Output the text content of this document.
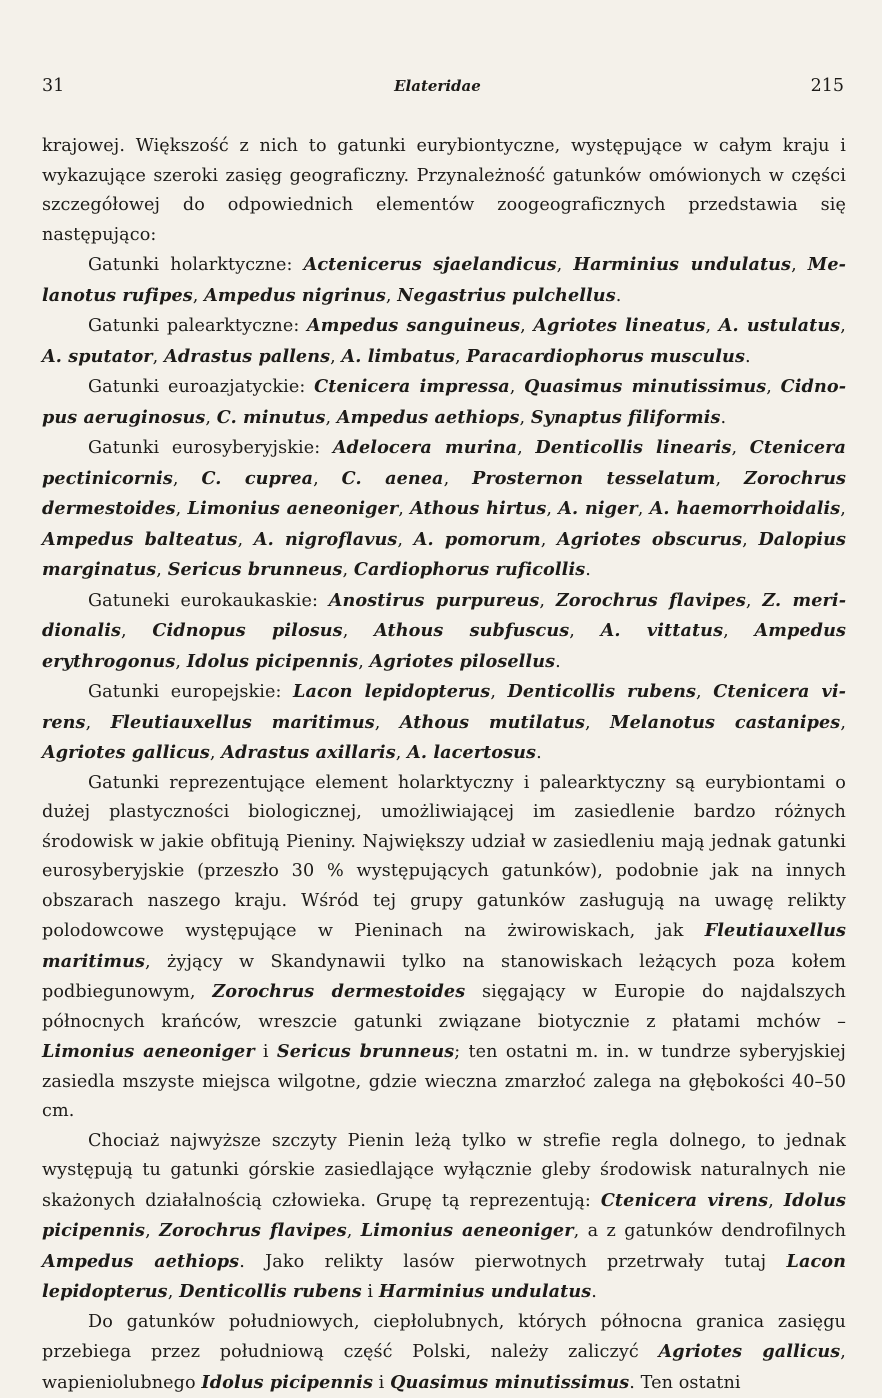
31	Elateridae	215

krajowej. Większość z nich to gatunki eurybiontyczne, występujące w całym kraju i wykazujące szeroki zasięg geograficzny. Przynależność gatunków omówionych w części szczegółowej do odpowiednich elementów zoogeograficznych przedstawia się następująco:

Gatunki holarktyczne: Actenicerus sjaelandicus, Harminius undulatus, Melanotus rufipes, Ampedus nigrinus, Negastrius pulchellus.

Gatunki palearktyczne: Ampedus sanguineus, Agriotes lineatus, A. ustulatus, A. sputator, Adrastus pallens, A. limbatus, Paracardiophorus musculus.

Gatunki euroazjatyckie: Ctenicera impressa, Quasimus minutissimus, Cidnopus aeruginosus, C. minutus, Ampedus aethiops, Synaptus filiformis.

Gatunki eurosyberyjskie: Adelocera murina, Denticollis linearis, Ctenicera pectinicornis, C. cuprea, C. aenea, Prosternon tesselatum, Zorochrus dermestoides, Limonius aeneoniger, Athous hirtus, A. niger, A. haemorrhoidalis, Ampedus balteatus, A. nigroflavus, A. pomorum, Agriotes obscurus, Dalopius marginatus, Sericus brunneus, Cardiophorus ruficollis.

Gatuneki eurokaukaskie: Anostirus purpureus, Zorochrus flavipes, Z. meridionalis, Cidnopus pilosus, Athous subfuscus, A. vittatus, Ampedus erythrogonus, Idolus picipennis, Agriotes pilosellus.

Gatunki europejskie: Lacon lepidopterus, Denticollis rubens, Ctenicera virens, Fleutiauxellus maritimus, Athous mutilatus, Melanotus castanipes, Agriotes gallicus, Adrastus axillaris, A. lacertosus.

Gatunki reprezentujące element holarktyczny i palearktyczny są eurybiontami o dużej plastyczności biologicznej, umożliwiającej im zasiedlenie bardzo różnych środowisk w jakie obfitują Pieniny. Największy udział w zasiedleniu mają jednak gatunki eurosyberyjskie (przeszło 30 % występujących gatunków), podobnie jak na innych obszarach naszego kraju. Wśród tej grupy gatunków zasługują na uwagę relikty polodowcowe występujące w Pieninach na żwirowiskach, jak Fleutiauxellus maritimus, żyjący w Skandynawii tylko na stanowiskach leżących poza kołem podbiegunowym, Zorochrus dermestoides sięgający w Europie do najdalszych północnych krańców, wreszcie gatunki związane biotycznie z płatami mchów – Limonius aeneoniger i Sericus brunneus; ten ostatni m. in. w tundrze syberyjskiej zasiedla mszyste miejsca wilgotne, gdzie wieczna zmarzłoć zalega na głębokości 40–50 cm.

Chociaż najwyższe szczyty Pienin leżą tylko w strefie regla dolnego, to jednak występują tu gatunki górskie zasiedlające wyłącznie gleby środowisk naturalnych nie skażonych działalnością człowieka. Grupę tą reprezentują: Ctenicera virens, Idolus picipennis, Zorochrus flavipes, Limonius aeneoniger, a z gatunków dendrofilnych Ampedus aethiops. Jako relikty lasów pierwotnych przetrwały tutaj Lacon lepidopterus, Denticollis rubens i Harminius undulatus.

Do gatunków południowych, ciepłolubnych, których północna granica zasięgu przebiega przez południową część Polski, należy zaliczyć Agriotes gallicus, wapieniolubnego Idolus picipennis i Quasimus minutissimus. Ten ostatni
